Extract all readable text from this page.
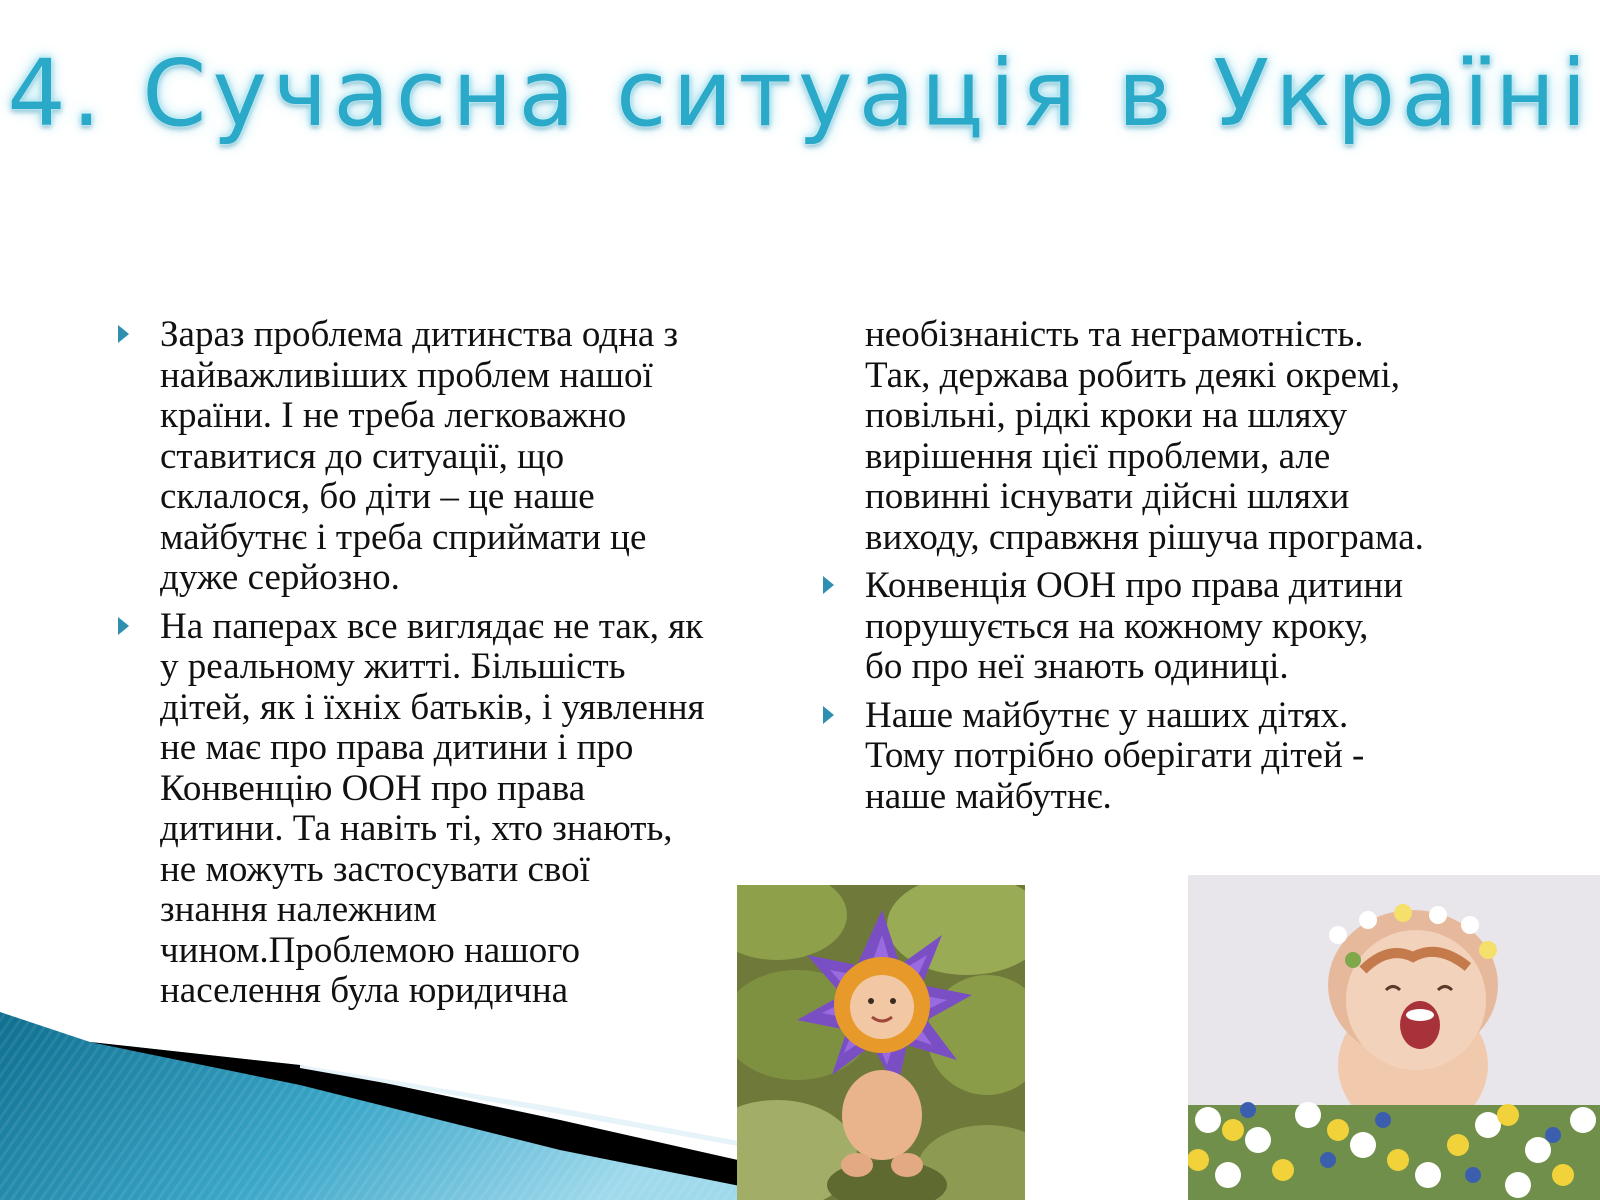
4. Сучасна ситуація в Україні
Зараз проблема дитинства одна з
найважливіших проблем нашої
країни. І не треба легковажно
ставитися до ситуації, що
склалося, бо діти – це наше
майбутнє і треба сприймати це
дуже серйозно.
На паперах все виглядає не так, як
у реальному житті. Більшість
дітей, як і їхніх батьків, і уявлення
не має про права дитини і про
Конвенцію ООН про права
дитини. Та навіть ті, хто знають,
не можуть застосувати свої
знання належним
чином.Проблемою нашого
населення була юридична
необізнаність та неграмотність.
Так, держава робить деякі окремі,
повільні, рідкі кроки на шляху
вирішення цієї проблеми, але
повинні існувати дійсні шляхи
виходу, справжня рішуча програма.
Конвенція ООН про права дитини
порушується на кожному кроку,
бо про неї знають одиниці.
Наше майбутнє у наших дітях.
Тому потрібно оберігати дітей -
наше майбутнє.
